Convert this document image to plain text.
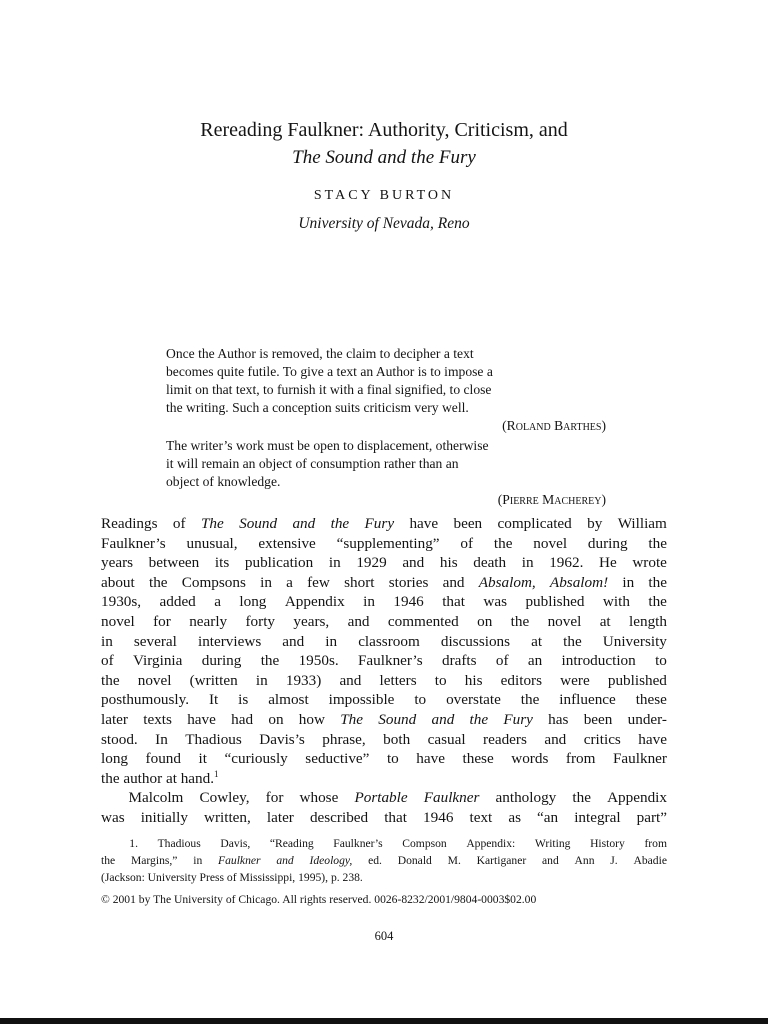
Rereading Faulkner: Authority, Criticism, and
The Sound and the Fury
STACY BURTON
University of Nevada, Reno

Once the Author is removed, the claim to decipher a text

becomes quite futile. To give a text an Author is to impose a

limit on that text, to furnish it with a final signified, to close

the writing. Such a conception suits criticism very well.

(Roland Barthes)

The writer’s work must be open to displacement, otherwise

it will remain an object of consumption rather than an

object of knowledge.

(Pierre Macherey)

Readings of The Sound and the Fury have been complicated by William
Faulkner’s unusual, extensive “supplementing” of the novel during the
years between its publication in 1929 and his death in 1962. He wrote
about the Compsons in a few short stories and Absalom, Absalom! in the
1930s, added a long Appendix in 1946 that was published with the
novel for nearly forty years, and commented on the novel at length
in several interviews and in classroom discussions at the University
of Virginia during the 1950s. Faulkner’s drafts of an introduction to
the novel (written in 1933) and letters to his editors were published
posthumously. It is almost impossible to overstate the influence these
later texts have had on how The Sound and the Fury has been under-
stood. In Thadious Davis’s phrase, both casual readers and critics have
long found it “curiously seductive” to have these words from Faulkner
the author at hand.$^1$

Malcolm Cowley, for whose Portable Faulkner anthology the Appendix
was initially written, later described that 1946 text as “an integral part”

1. Thadious Davis, “Reading Faulkner’s Compson Appendix: Writing History from
the Margins,” in Faulkner and Ideology, ed. Donald M. Kartiganer and Ann J. Abadie
(Jackson: University Press of Mississippi, 1995), p. 238.
© 2001 by The University of Chicago. All rights reserved. 0026-8232/2001/9804-0003$02.00
604
